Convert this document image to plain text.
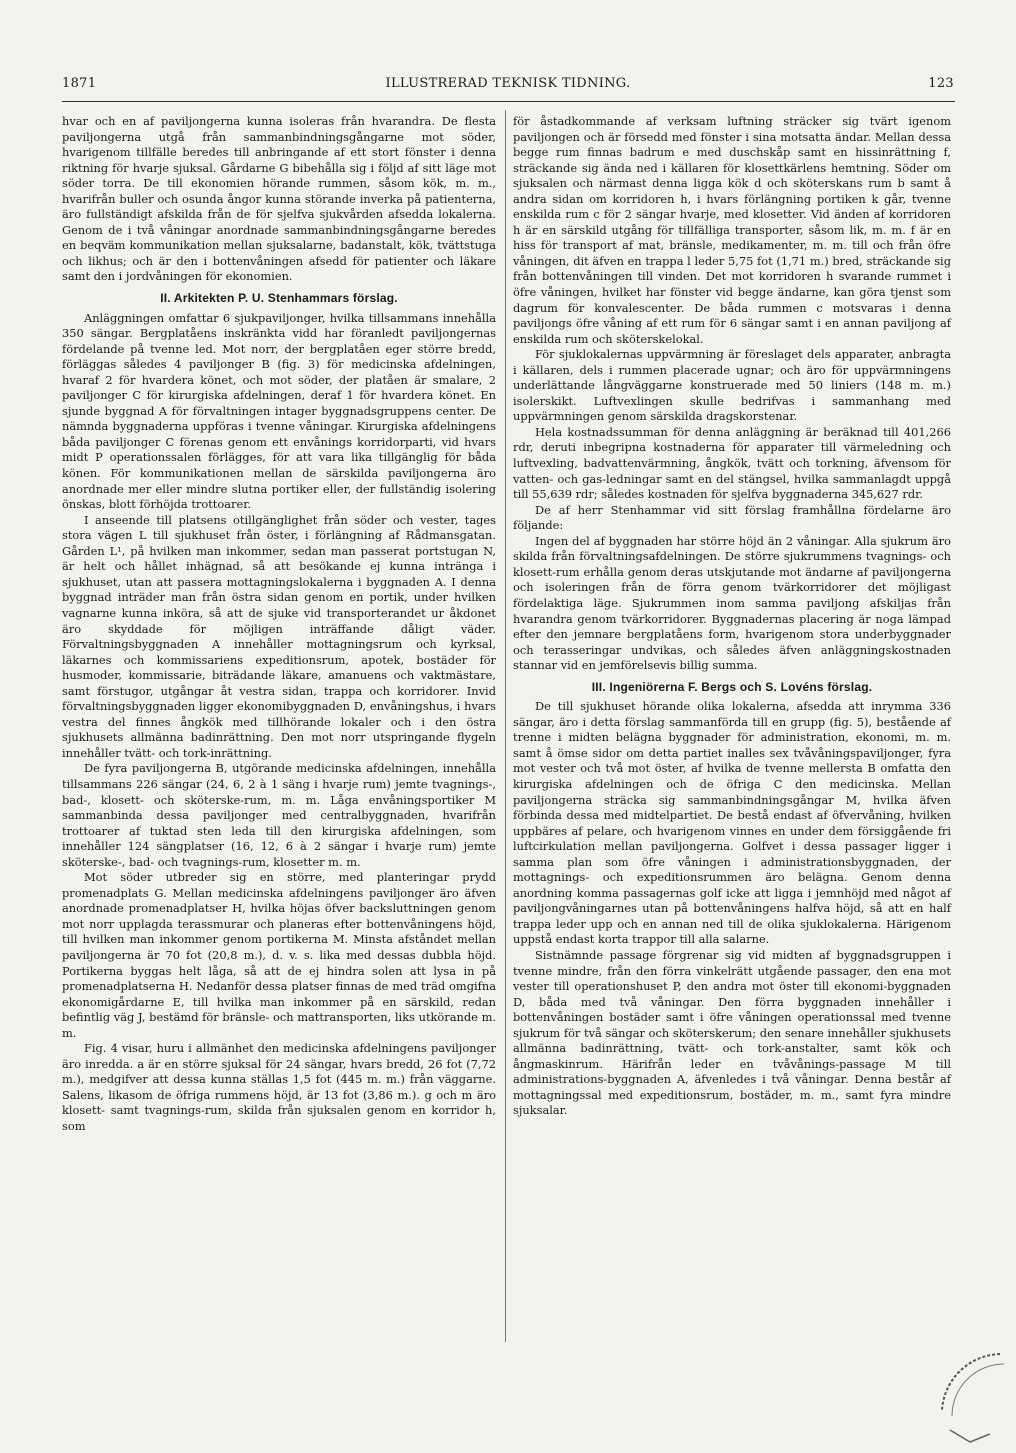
1871	ILLUSTRERAD TEKNISK TIDNING.	123

hvar och en af paviljongerna kunna isoleras från hvarandra. De flesta paviljongerna utgå från sammanbindningsgångarne mot söder, hvarigenom tillfälle beredes till anbringande af ett stort fönster i denna riktning för hvarje sjuksal. Gårdarne G bibehålla sig i följd af sitt läge mot söder torra. De till ekonomien hörande rummen, såsom kök, m. m., hvarifrån buller och osunda ångor kunna störande inverka på patienterna, äro fullständigt afskilda från de för sjelfva sjukvården afsedda lokalerna. Genom de i två våningar anordnade sammanbindningsgångarne beredes en beqväm kommunikation mellan sjuksalarne, badanstalt, kök, tvättstuga och likhus; och är den i bottenvåningen afsedd för patienter och läkare samt den i jordvåningen för ekonomien.

II. Arkitekten P. U. Stenhammars förslag.

Anläggningen omfattar 6 sjukpaviljonger, hvilka tillsammans innehålla 350 sängar. Bergplatåens inskränkta vidd har föranledt paviljongernas fördelande på tvenne led. Mot norr, der bergplatåen eger större bredd, förläggas således 4 paviljonger B (fig. 3) för medicinska afdelningen, hvaraf 2 för hvardera könet, och mot söder, der platåen är smalare, 2 paviljonger C för kirurgiska afdelningen, deraf 1 för hvardera könet. En sjunde byggnad A för förvaltningen intager byggnadsgruppens center. De nämnda byggnaderna uppföras i tvenne våningar. Kirurgiska afdelningens båda paviljonger C förenas genom ett envånings korridorparti, vid hvars midt P operationssalen förlägges, för att vara lika tillgänglig för båda könen. För kommunikationen mellan de särskilda paviljongerna äro anordnade mer eller mindre slutna portiker eller, der fullständig isolering önskas, blott förhöjda trottoarer.

I anseende till platsens otillgänglighet från söder och vester, tages stora vägen L till sjukhuset från öster, i förlängning af Rådmansgatan. Gården L¹, på hvilken man inkommer, sedan man passerat portstugan N, är helt och hållet inhägnad, så att besökande ej kunna intränga i sjukhuset, utan att passera mottagningslokalerna i byggnaden A. I denna byggnad inträder man från östra sidan genom en portik, under hvilken vagnarne kunna inköra, så att de sjuke vid transporterandet ur åkdonet äro skyddade för möjligen inträffande dåligt väder. Förvaltningsbyggnaden A innehåller mottagningsrum och kyrksal, läkarnes och kommissariens expeditionsrum, apotek, bostäder för husmoder, kommissarie, biträdande läkare, amanuens och vaktmästare, samt förstugor, utgångar åt vestra sidan, trappa och korridorer. Invid förvaltningsbyggnaden ligger ekonomibyggnaden D, envåningshus, i hvars vestra del finnes ångkök med tillhörande lokaler och i den östra sjukhusets allmänna badinrättning. Den mot norr utspringande flygeln innehåller tvätt- och tork-inrättning.

De fyra paviljongerna B, utgörande medicinska afdelningen, innehålla tillsammans 226 sängar (24, 6, 2 à 1 säng i hvarje rum) jemte tvagnings-, bad-, klosett- och sköterske-rum, m. m. Låga envåningsportiker M sammanbinda dessa paviljonger med centralbyggnaden, hvarifrån trottoarer af tuktad sten leda till den kirurgiska afdelningen, som innehåller 124 sängplatser (16, 12, 6 à 2 sängar i hvarje rum) jemte sköterske-, bad- och tvagnings-rum, klosetter m. m.

Mot söder utbreder sig en större, med planteringar prydd promenadplats G. Mellan medicinska afdelningens paviljonger äro äfven anordnade promenadplatser H, hvilka höjas öfver backsluttningen genom mot norr upplagda terassmurar och planeras efter bottenvåningens höjd, till hvilken man inkommer genom portikerna M. Minsta afståndet mellan paviljongerna är 70 fot (20,8 m.), d. v. s. lika med dessas dubbla höjd. Portikerna byggas helt låga, så att de ej hindra solen att lysa in på promenadplatserna H. Nedanför dessa platser finnas de med träd omgifna ekonomigårdarne E, till hvilka man inkommer på en särskild, redan befintlig väg J, bestämd för bränsle- och mattransporten, liks utkörande m. m.

Fig. 4 visar, huru i allmänhet den medicinska afdelningens paviljonger äro inredda. a är en större sjuksal för 24 sängar, hvars bredd, 26 fot (7,72 m.), medgifver att dessa kunna ställas 1,5 fot (445 m. m.) från väggarne. Salens, likasom de öfriga rummens höjd, är 13 fot (3,86 m.). g och m äro klosett- samt tvagnings-rum, skilda från sjuksalen genom en korridor h, som

för åstadkommande af verksam luftning sträcker sig tvärt igenom paviljongen och är försedd med fönster i sina motsatta ändar. Mellan dessa begge rum finnas badrum e med duschskåp samt en hissinrättning f, sträckande sig ända ned i källaren för klosettkärlens hemtning. Söder om sjuksalen och närmast denna ligga kök d och sköterskans rum b samt å andra sidan om korridoren h, i hvars förlängning portiken k går, tvenne enskilda rum c för 2 sängar hvarje, med klosetter. Vid änden af korridoren h är en särskild utgång för tillfälliga transporter, såsom lik, m. m. f är en hiss för transport af mat, bränsle, medikamenter, m. m. till och från öfre våningen, dit äfven en trappa l leder 5,75 fot (1,71 m.) bred, sträckande sig från bottenvåningen till vinden. Det mot korridoren h svarande rummet i öfre våningen, hvilket har fönster vid begge ändarne, kan göra tjenst som dagrum för konvalescenter. De båda rummen c motsvaras i denna paviljongs öfre våning af ett rum för 6 sängar samt i en annan paviljong af enskilda rum och sköterskelokal.

För sjuklokalernas uppvärmning är föreslaget dels apparater, anbragta i källaren, dels i rummen placerade ugnar; och äro för uppvärmningens underlättande långväggarne konstruerade med 50 liniers (148 m. m.) isolerskikt. Luftvexlingen skulle bedrifvas i sammanhang med uppvärmningen genom särskilda dragskorstenar.

Hela kostnadssumman för denna anläggning är beräknad till 401,266 rdr, deruti inbegripna kostnaderna för apparater till värmeledning och luftvexling, badvattenvärmning, ångkök, tvätt och torkning, äfvensom för vatten- och gas-ledningar samt en del stängsel, hvilka sammanlagdt uppgå till 55,639 rdr; således kostnaden för sjelfva byggnaderna 345,627 rdr.

De af herr Stenhammar vid sitt förslag framhållna fördelarne äro följande:

Ingen del af byggnaden har större höjd än 2 våningar. Alla sjukrum äro skilda från förvaltningsafdelningen. De större sjukrummens tvagnings- och klosett-rum erhålla genom deras utskjutande mot ändarne af paviljongerna och isoleringen från de förra genom tvärkorridorer det möjligast fördelaktiga läge. Sjukrummen inom samma paviljong afskiljas från hvarandra genom tvärkorridorer. Byggnadernas placering är noga lämpad efter den jemnare bergplatåens form, hvarigenom stora underbyggnader och terasseringar undvikas, och således äfven anläggningskostnaden stannar vid en jemförelsevis billig summa.

III. Ingeniörerna F. Bergs och S. Lovéns förslag.

De till sjukhuset hörande olika lokalerna, afsedda att inrymma 336 sängar, äro i detta förslag sammanförda till en grupp (fig. 5), bestående af trenne i midten belägna byggnader för administration, ekonomi, m. m. samt å ömse sidor om detta partiet inalles sex tvåvåningspaviljonger, fyra mot vester och två mot öster, af hvilka de tvenne mellersta B omfatta den kirurgiska afdelningen och de öfriga C den medicinska. Mellan paviljongerna sträcka sig sammanbindningsgångar M, hvilka äfven förbinda dessa med midtelpartiet. De bestå endast af öfvervåning, hvilken uppbäres af pelare, och hvarigenom vinnes en under dem försiggående fri luftcirkulation mellan paviljongerna. Golfvet i dessa passager ligger i samma plan som öfre våningen i administrationsbyggnaden, der mottagnings- och expeditionsrummen äro belägna. Genom denna anordning komma passagernas golf icke att ligga i jemnhöjd med något af paviljongvåningarnes utan på bottenvåningens halfva höjd, så att en half trappa leder upp och en annan ned till de olika sjuklokalerna. Härigenom uppstå endast korta trappor till alla salarne.

Sistnämnde passage förgrenar sig vid midten af byggnadsgruppen i tvenne mindre, från den förra vinkelrätt utgående passager, den ena mot vester till operationshuset P, den andra mot öster till ekonomi-byggnaden D, båda med två våningar. Den förra byggnaden innehåller i bottenvåningen bostäder samt i öfre våningen operationssal med tvenne sjukrum för två sängar och sköterskerum; den senare innehåller sjukhusets allmänna badinrättning, tvätt- och tork-anstalter, samt kök och ångmaskinrum. Härifrån leder en tvåvånings-passage M till administrations-byggnaden A, äfvenledes i två våningar. Denna består af mottagningssal med expeditionsrum, bostäder, m. m., samt fyra mindre sjuksalar.
